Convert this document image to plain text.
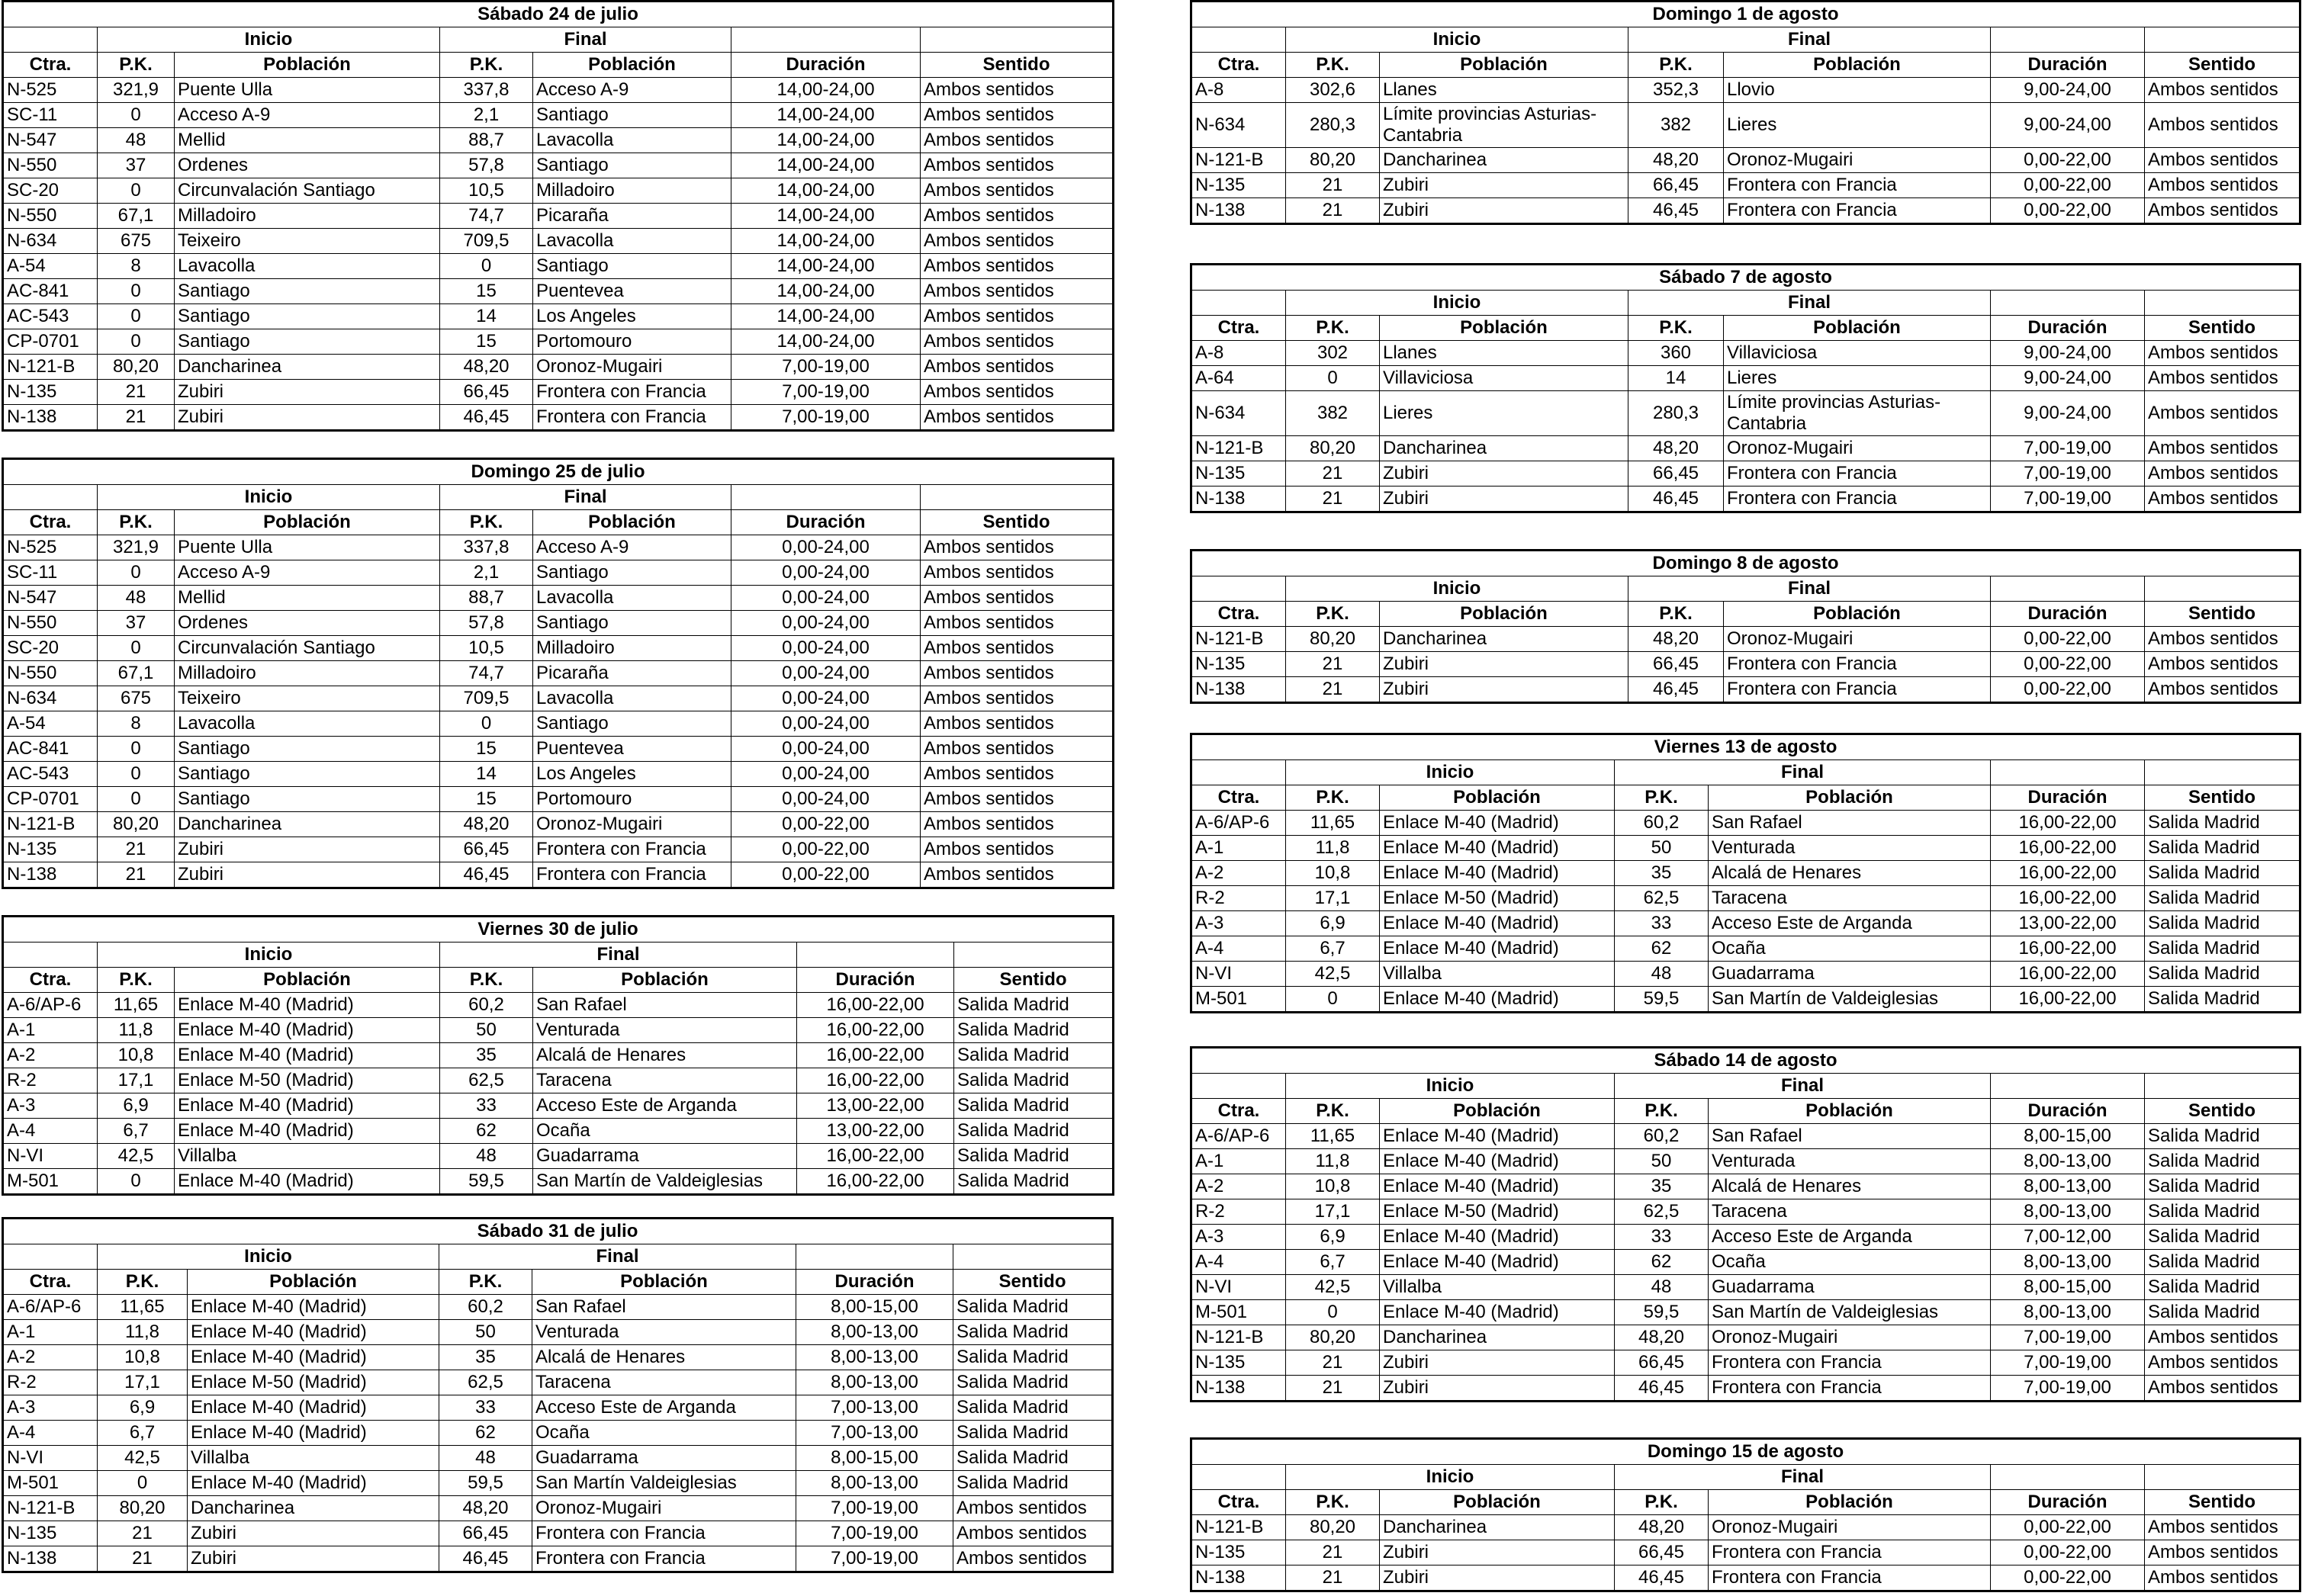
Sábado 24 de julio						
	Inicio		Final			
Ctra.	P.K.	Población	P.K.	Población	Duración	Sentido
N-525	321,9	Puente Ulla	337,8	Acceso A-9	14,00-24,00	Ambos sentidos
SC-11	0	Acceso A-9	2,1	Santiago	14,00-24,00	Ambos sentidos
N-547	48	Mellid	88,7	Lavacolla	14,00-24,00	Ambos sentidos
N-550	37	Ordenes	57,8	Santiago	14,00-24,00	Ambos sentidos
SC-20	0	Circunvalación Santiago	10,5	Milladoiro	14,00-24,00	Ambos sentidos
N-550	67,1	Milladoiro	74,7	Picaraña	14,00-24,00	Ambos sentidos
N-634	675	Teixeiro	709,5	Lavacolla	14,00-24,00	Ambos sentidos
A-54	8	Lavacolla	0	Santiago	14,00-24,00	Ambos sentidos
AC-841	0	Santiago	15	Puentevea	14,00-24,00	Ambos sentidos
AC-543	0	Santiago	14	Los Angeles	14,00-24,00	Ambos sentidos
CP-0701	0	Santiago	15	Portomouro	14,00-24,00	Ambos sentidos
N-121-B	80,20	Dancharinea	48,20	Oronoz-Mugairi	7,00-19,00	Ambos sentidos
N-135	21	Zubiri	66,45	Frontera con Francia	7,00-19,00	Ambos sentidos
N-138	21	Zubiri	46,45	Frontera con Francia	7,00-19,00	Ambos sentidos
Domingo 25 de julio						
	Inicio		Final			
Ctra.	P.K.	Población	P.K.	Población	Duración	Sentido
N-525	321,9	Puente Ulla	337,8	Acceso A-9	0,00-24,00	Ambos sentidos
SC-11	0	Acceso A-9	2,1	Santiago	0,00-24,00	Ambos sentidos
N-547	48	Mellid	88,7	Lavacolla	0,00-24,00	Ambos sentidos
N-550	37	Ordenes	57,8	Santiago	0,00-24,00	Ambos sentidos
SC-20	0	Circunvalación Santiago	10,5	Milladoiro	0,00-24,00	Ambos sentidos
N-550	67,1	Milladoiro	74,7	Picaraña	0,00-24,00	Ambos sentidos
N-634	675	Teixeiro	709,5	Lavacolla	0,00-24,00	Ambos sentidos
A-54	8	Lavacolla	0	Santiago	0,00-24,00	Ambos sentidos
AC-841	0	Santiago	15	Puentevea	0,00-24,00	Ambos sentidos
AC-543	0	Santiago	14	Los Angeles	0,00-24,00	Ambos sentidos
CP-0701	0	Santiago	15	Portomouro	0,00-24,00	Ambos sentidos
N-121-B	80,20	Dancharinea	48,20	Oronoz-Mugairi	0,00-22,00	Ambos sentidos
N-135	21	Zubiri	66,45	Frontera con Francia	0,00-22,00	Ambos sentidos
N-138	21	Zubiri	46,45	Frontera con Francia	0,00-22,00	Ambos sentidos
Viernes 30 de julio						
	Inicio		Final			
Ctra.	P.K.	Población	P.K.	Población	Duración	Sentido
A-6/AP-6	11,65	Enlace M-40 (Madrid)	60,2	San Rafael	16,00-22,00	Salida Madrid
A-1	11,8	Enlace M-40 (Madrid)	50	Venturada	16,00-22,00	Salida Madrid
A-2	10,8	Enlace M-40 (Madrid)	35	Alcalá de Henares	16,00-22,00	Salida Madrid
R-2	17,1	Enlace M-50 (Madrid)	62,5	Taracena	16,00-22,00	Salida Madrid
A-3	6,9	Enlace M-40 (Madrid)	33	Acceso Este de Arganda	13,00-22,00	Salida Madrid
A-4	6,7	Enlace M-40 (Madrid)	62	Ocaña	13,00-22,00	Salida Madrid
N-VI	42,5	Villalba	48	Guadarrama	16,00-22,00	Salida Madrid
M-501	0	Enlace M-40 (Madrid)	59,5	San Martín de Valdeiglesias	16,00-22,00	Salida Madrid
Sábado 31 de julio						
	Inicio		Final			
Ctra.	P.K.	Población	P.K.	Población	Duración	Sentido
A-6/AP-6	11,65	Enlace M-40 (Madrid)	60,2	San Rafael	8,00-15,00	Salida Madrid
A-1	11,8	Enlace M-40 (Madrid)	50	Venturada	8,00-13,00	Salida Madrid
A-2	10,8	Enlace M-40 (Madrid)	35	Alcalá de Henares	8,00-13,00	Salida Madrid
R-2	17,1	Enlace M-50 (Madrid)	62,5	Taracena	8,00-13,00	Salida Madrid
A-3	6,9	Enlace M-40 (Madrid)	33	Acceso Este de Arganda	7,00-13,00	Salida Madrid
A-4	6,7	Enlace M-40 (Madrid)	62	Ocaña	7,00-13,00	Salida Madrid
N-VI	42,5	Villalba	48	Guadarrama	8,00-15,00	Salida Madrid
M-501	0	Enlace M-40 (Madrid)	59,5	San Martín Valdeiglesias	8,00-13,00	Salida Madrid
N-121-B	80,20	Dancharinea	48,20	Oronoz-Mugairi	7,00-19,00	Ambos sentidos
N-135	21	Zubiri	66,45	Frontera con Francia	7,00-19,00	Ambos sentidos
N-138	21	Zubiri	46,45	Frontera con Francia	7,00-19,00	Ambos sentidos
Domingo 1 de agosto						
	Inicio		Final			
Ctra.	P.K.	Población	P.K.	Población	Duración	Sentido
A-8	302,6	Llanes	352,3	Llovio	9,00-24,00	Ambos sentidos
N-634	280,3	Límite provincias Asturias-Cantabria	382	Lieres	9,00-24,00	Ambos sentidos
N-121-B	80,20	Dancharinea	48,20	Oronoz-Mugairi	0,00-22,00	Ambos sentidos
N-135	21	Zubiri	66,45	Frontera con Francia	0,00-22,00	Ambos sentidos
N-138	21	Zubiri	46,45	Frontera con Francia	0,00-22,00	Ambos sentidos
Sábado 7 de agosto						
	Inicio		Final			
Ctra.	P.K.	Población	P.K.	Población	Duración	Sentido
A-8	302	Llanes	360	Villaviciosa	9,00-24,00	Ambos sentidos
A-64	0	Villaviciosa	14	Lieres	9,00-24,00	Ambos sentidos
N-634	382	Lieres	280,3	Límite provincias Asturias-Cantabria	9,00-24,00	Ambos sentidos
N-121-B	80,20	Dancharinea	48,20	Oronoz-Mugairi	7,00-19,00	Ambos sentidos
N-135	21	Zubiri	66,45	Frontera con Francia	7,00-19,00	Ambos sentidos
N-138	21	Zubiri	46,45	Frontera con Francia	7,00-19,00	Ambos sentidos
Domingo 8 de agosto						
	Inicio		Final			
Ctra.	P.K.	Población	P.K.	Población	Duración	Sentido
N-121-B	80,20	Dancharinea	48,20	Oronoz-Mugairi	0,00-22,00	Ambos sentidos
N-135	21	Zubiri	66,45	Frontera con Francia	0,00-22,00	Ambos sentidos
N-138	21	Zubiri	46,45	Frontera con Francia	0,00-22,00	Ambos sentidos
Viernes 13 de agosto						
	Inicio		Final			
Ctra.	P.K.	Población	P.K.	Población	Duración	Sentido
A-6/AP-6	11,65	Enlace M-40 (Madrid)	60,2	San Rafael	16,00-22,00	Salida Madrid
A-1	11,8	Enlace M-40 (Madrid)	50	Venturada	16,00-22,00	Salida Madrid
A-2	10,8	Enlace M-40 (Madrid)	35	Alcalá de Henares	16,00-22,00	Salida Madrid
R-2	17,1	Enlace M-50 (Madrid)	62,5	Taracena	16,00-22,00	Salida Madrid
A-3	6,9	Enlace M-40 (Madrid)	33	Acceso Este de Arganda	13,00-22,00	Salida Madrid
A-4	6,7	Enlace M-40 (Madrid)	62	Ocaña	16,00-22,00	Salida Madrid
N-VI	42,5	Villalba	48	Guadarrama	16,00-22,00	Salida Madrid
M-501	0	Enlace M-40 (Madrid)	59,5	San Martín de Valdeiglesias	16,00-22,00	Salida Madrid
Sábado 14 de agosto						
	Inicio		Final			
Ctra.	P.K.	Población	P.K.	Población	Duración	Sentido
A-6/AP-6	11,65	Enlace M-40 (Madrid)	60,2	San Rafael	8,00-15,00	Salida Madrid
A-1	11,8	Enlace M-40 (Madrid)	50	Venturada	8,00-13,00	Salida Madrid
A-2	10,8	Enlace M-40 (Madrid)	35	Alcalá de Henares	8,00-13,00	Salida Madrid
R-2	17,1	Enlace M-50 (Madrid)	62,5	Taracena	8,00-13,00	Salida Madrid
A-3	6,9	Enlace M-40 (Madrid)	33	Acceso Este de Arganda	7,00-12,00	Salida Madrid
A-4	6,7	Enlace M-40 (Madrid)	62	Ocaña	8,00-13,00	Salida Madrid
N-VI	42,5	Villalba	48	Guadarrama	8,00-15,00	Salida Madrid
M-501	0	Enlace M-40 (Madrid)	59,5	San Martín de Valdeiglesias	8,00-13,00	Salida Madrid
N-121-B	80,20	Dancharinea	48,20	Oronoz-Mugairi	7,00-19,00	Ambos sentidos
N-135	21	Zubiri	66,45	Frontera con Francia	7,00-19,00	Ambos sentidos
N-138	21	Zubiri	46,45	Frontera con Francia	7,00-19,00	Ambos sentidos
Domingo 15 de agosto						
	Inicio		Final			
Ctra.	P.K.	Población	P.K.	Población	Duración	Sentido
N-121-B	80,20	Dancharinea	48,20	Oronoz-Mugairi	0,00-22,00	Ambos sentidos
N-135	21	Zubiri	66,45	Frontera con Francia	0,00-22,00	Ambos sentidos
N-138	21	Zubiri	46,45	Frontera con Francia	0,00-22,00	Ambos sentidos
